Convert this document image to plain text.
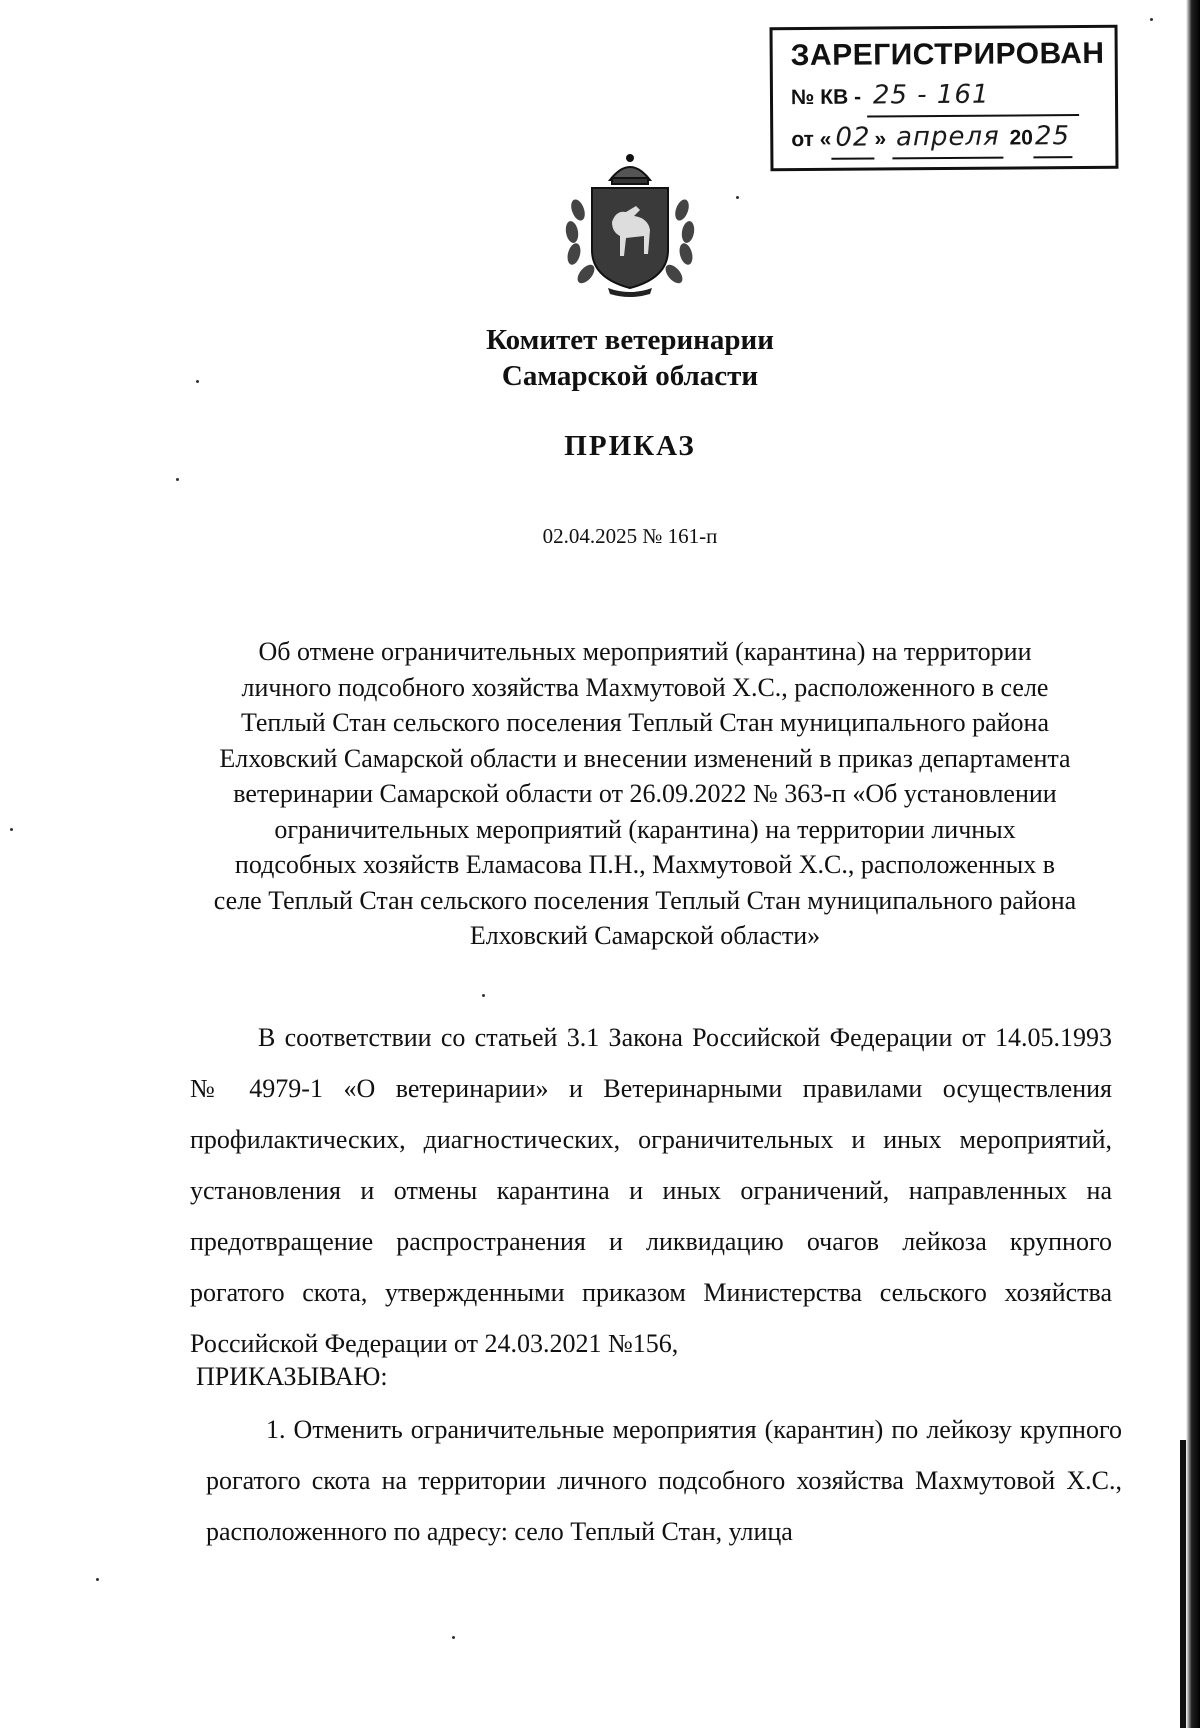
ЗАРЕГИСТРИРОВАН
№ КВ - 25 - 161
от « 02 » апреля 2025
Комитет ветеринарии
Самарской области
ПРИКАЗ
02.04.2025 № 161-п
Об отмене ограничительных мероприятий (карантина) на территории
личного подсобного хозяйства Махмутовой Х.С., расположенного в селе
Теплый Стан сельского поселения Теплый Стан муниципального района
Елховский Самарской области и внесении изменений в приказ департамента
ветеринарии Самарской области от 26.09.2022 № 363-п «Об установлении
ограничительных мероприятий (карантина) на территории личных
подсобных хозяйств Еламасова П.Н., Махмутовой Х.С., расположенных в
селе Теплый Стан сельского поселения Теплый Стан муниципального района
Елховский Самарской области»
В соответствии со статьей 3.1 Закона Российской Федерации от 14.05.1993 № 4979-1 «О ветеринарии» и Ветеринарными правилами осуществления профилактических, диагностических, ограничительных и иных мероприятий, установления и отмены карантина и иных ограничений, направленных на предотвращение распространения и ликвидацию очагов лейкоза крупного рогатого скота, утвержденными приказом Министерства сельского хозяйства Российской Федерации от 24.03.2021 №156,
ПРИКАЗЫВАЮ:
1. Отменить ограничительные мероприятия (карантин) по лейкозу крупного рогатого скота на территории личного подсобного хозяйства Махмутовой Х.С., расположенного по адресу: село Теплый Стан, улица
